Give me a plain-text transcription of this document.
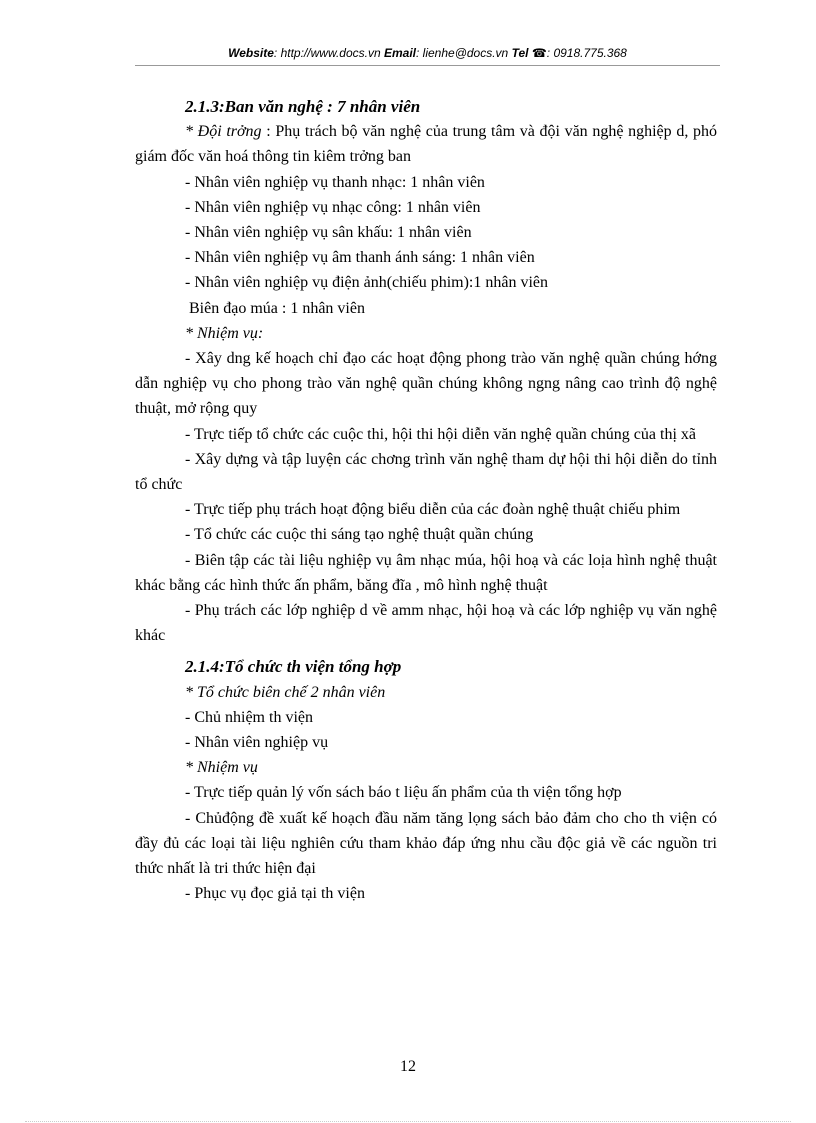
Website: http://www.docs.vn Email: lienhe@docs.vn Tel ☎: 0918.775.368

2.1.3:Ban văn nghệ : 7 nhân viên

* Đội trởng : Phụ trách bộ văn nghệ của trung tâm và đội văn nghệ nghiệp d, phó giám đốc văn hoá thông tin kiêm trởng ban

- Nhân viên nghiệp vụ thanh nhạc: 1 nhân viên

- Nhân viên nghiệp vụ nhạc công: 1 nhân viên

- Nhân viên nghiệp vụ sân khấu: 1 nhân viên

- Nhân viên nghiệp vụ âm thanh ánh sáng: 1 nhân viên

- Nhân viên nghiệp vụ điện ảnh(chiếu phim):1 nhân viên

Biên đạo múa : 1 nhân viên

* Nhiệm vụ:

- Xây dng kế hoạch chỉ đạo các hoạt động phong trào văn nghệ quần chúng hớng dẫn nghiệp vụ cho phong trào văn nghệ quần chúng không ngng nâng cao trình độ nghệ thuật, mở rộng quy

- Trực tiếp tổ chức các cuộc thi, hội thi hội diễn văn nghệ quần chúng của thị xã

- Xây dựng và tập luyện các chơng trình văn nghệ tham dự hội thi hội diễn do tỉnh tổ chức

- Trực tiếp phụ trách hoạt động biểu diễn của các đoàn nghệ thuật chiếu phim

- Tổ chức các cuộc thi sáng tạo nghệ thuật quần chúng

- Biên tập các tài liệu nghiệp vụ âm nhạc múa, hội hoạ và các loịa hình nghệ thuật khác bằng các hình thức ấn phẩm, băng đĩa , mô hình nghệ thuật

- Phụ trách các lớp nghiệp d về amm nhạc, hội hoạ và các lớp nghiệp vụ văn nghệ khác

2.1.4:Tổ chức th viện tổng hợp

* Tổ chức biên chế 2 nhân viên

- Chủ nhiệm th viện

- Nhân viên nghiệp vụ

* Nhiệm vụ

- Trực tiếp quản lý vốn sách báo t liệu ấn phẩm của th viện tổng hợp

- Chủđộng đề xuất kế hoạch đầu năm tăng lọng sách bảo đảm cho cho th viện có đầy đủ các loại tài liệu nghiên cứu tham khảo đáp ứng nhu cầu độc giả về các nguồn tri thức nhất là tri thức hiện đại

- Phục vụ đọc giả tại th viện

12
